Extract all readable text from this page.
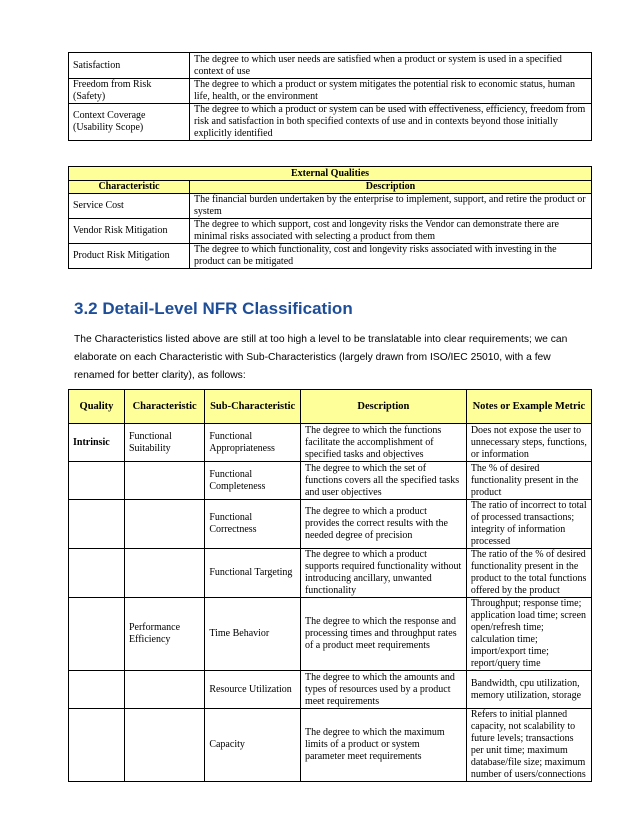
Satisfaction	The degree to which user needs are satisfied when a product or system is used in a specified context of use
Freedom from Risk (Safety)	The degree to which a product or system mitigates the potential risk to economic status, human life, health, or the environment
Context Coverage (Usability Scope)	The degree to which a product or system can be used with effectiveness, efficiency, freedom from risk and satisfaction in both specified contexts of use and in contexts beyond those initially explicitly identified
External Qualities	
Characteristic	Description
Service Cost	The financial burden undertaken by the enterprise to implement, support, and retire the product or system
Vendor Risk Mitigation	The degree to which support, cost and longevity risks the Vendor can demonstrate there are minimal risks associated with selecting a product from them
Product Risk Mitigation	The degree to which functionality, cost and longevity risks associated with investing in the product can be mitigated
3.2 Detail-Level NFR Classification

The Characteristics listed above are still at too high a level to be translatable into clear requirements; we can elaborate on each Characteristic with Sub-Characteristics (largely drawn from ISO/IEC 25010, with a few renamed for better clarity), as follows:

Quality	Characteristic	Sub-Characteristic	Description	Notes or Example Metric
Intrinsic	Functional Suitability	Functional Appropriateness	The degree to which the functions facilitate the accomplishment of specified tasks and objectives	Does not expose the user to unnecessary steps, functions, or information
		Functional Completeness	The degree to which the set of functions covers all the specified tasks and user objectives	The % of desired functionality present in the product
		Functional Correctness	The degree to which a product provides the correct results with the needed degree of precision	The ratio of incorrect to total of processed transactions; integrity of information processed
		Functional Targeting	The degree to which a product supports required functionality without introducing ancillary, unwanted functionality	The ratio of the % of desired functionality present in the product to the total functions offered by the product
	Performance Efficiency	Time Behavior	The degree to which the response and processing times and throughput rates of a product meet requirements	Throughput; response time; application load time; screen open/refresh time; calculation time; import/export time; report/query time
		Resource Utilization	The degree to which the amounts and types of resources used by a product meet requirements	Bandwidth, cpu utilization, memory utilization, storage
		Capacity	The degree to which the maximum limits of a product or system parameter meet requirements	Refers to initial planned capacity, not scalability to future levels; transactions per unit time; maximum database/file size; maximum number of users/connections
